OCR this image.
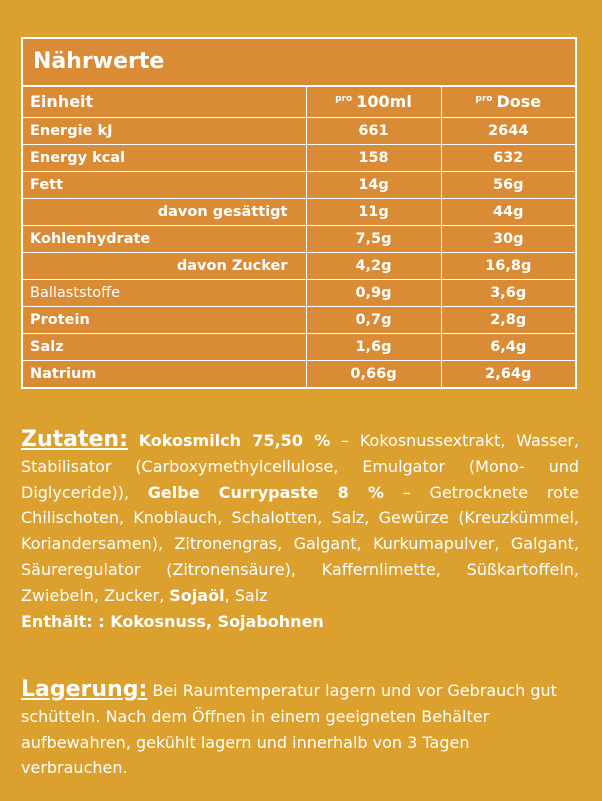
Nährwerte
Einheit	$^{pro}$ 100ml	$^{pro}$ Dose
Energie kJ	661	2644
Energy kcal	158	632
Fett	14g	56g
davon gesättigt	11g	44g
Kohlenhydrate	7,5g	30g
davon Zucker	4,2g	16,8g
Ballaststoffe	0,9g	3,6g
Protein	0,7g	2,8g
Salz	1,6g	6,4g
Natrium	0,66g	2,64g
Zutaten: Kokosmilch 75,50 % – Kokosnussextrakt, Wasser, Stabilisator (Carboxymethylcellulose, Emulgator (Mono- und Diglyceride)), Gelbe Currypaste 8 % – Getrocknete rote Chilischoten, Knoblauch, Schalotten, Salz, Gewürze (Kreuzkümmel, Koriandersamen), Zitronengras, Galgant, Kurkumapulver, Galgant, Säureregulator (Zitronensäure), Kaffernlimette, Süßkartoffeln, Zwiebeln, Zucker, Sojaöl, Salz
Enthält: : Kokosnuss, Sojabohnen
Lagerung: Bei Raumtemperatur lagern und vor Gebrauch gut schütteln. Nach dem Öffnen in einem geeigneten Behälter aufbewahren, gekühlt lagern und innerhalb von 3 Tagen verbrauchen.
